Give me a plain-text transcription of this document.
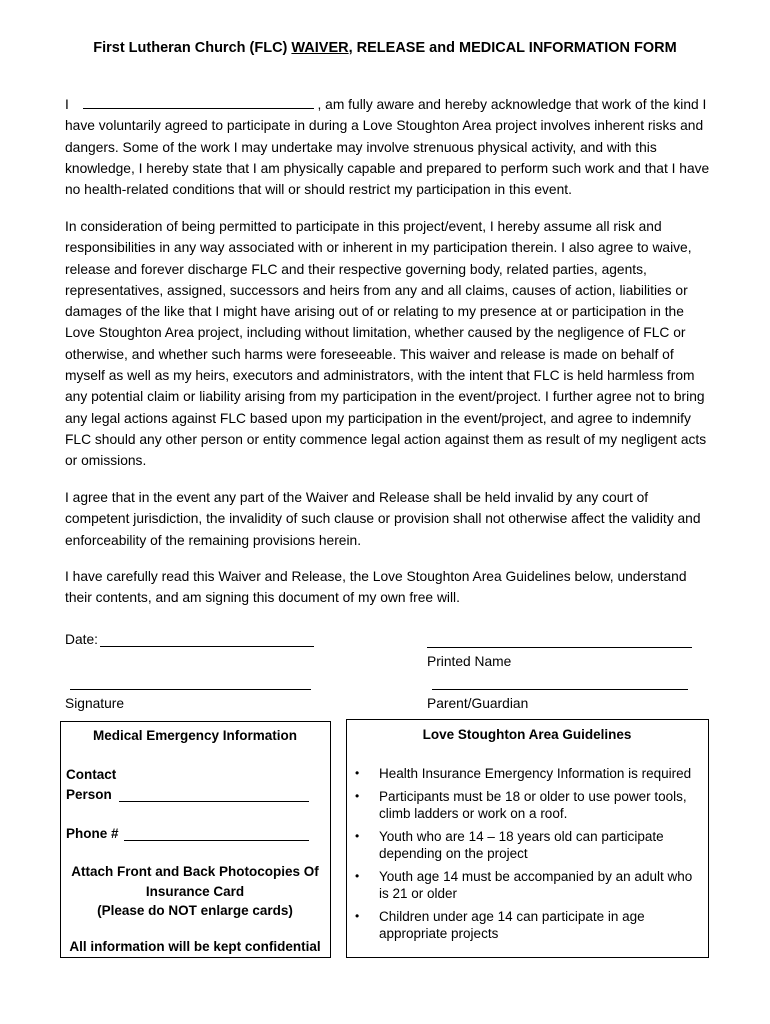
First Lutheran Church (FLC) WAIVER, RELEASE and MEDICAL INFORMATION FORM

I	, am fully aware and hereby acknowledge that work of the kind I have voluntarily agreed to participate in during a Love Stoughton Area project involves inherent risks and dangers. Some of the work I may undertake may involve strenuous physical activity, and with this knowledge, I hereby state that I am physically capable and prepared to perform such work and that I have no health-related conditions that will or should restrict my participation in this event.

In consideration of being permitted to participate in this project/event, I hereby assume all risk and responsibilities in any way associated with or inherent in my participation therein. I also agree to waive, release and forever discharge FLC and their respective governing body, related parties, agents, representatives, assigned, successors and heirs from any and all claims, causes of action, liabilities or damages of the like that I might have arising out of or relating to my presence at or participation in the Love Stoughton Area project, including without limitation, whether caused by the negligence of FLC or otherwise, and whether such harms were foreseeable. This waiver and release is made on behalf of myself as well as my heirs, executors and administrators, with the intent that FLC is held harmless from any potential claim or liability arising from my participation in the event/project. I further agree not to bring any legal actions against FLC based upon my participation in the event/project, and agree to indemnify FLC should any other person or entity commence legal action against them as result of my negligent acts or omissions.

I agree that in the event any part of the Waiver and Release shall be held invalid by any court of competent jurisdiction, the invalidity of such clause or provision shall not otherwise affect the validity and enforceability of the remaining provisions herein.

I have carefully read this Waiver and Release, the Love Stoughton Area Guidelines below, understand their contents, and am signing this document of my own free will.

Date:
Printed Name
Signature	Parent/Guardian
Medical Emergency Information
Contact
Person
Phone #
Attach Front and Back Photocopies Of
Insurance Card
(Please do NOT enlarge cards)
All information will be kept confidential
Love Stoughton Area Guidelines
• Health Insurance Emergency Information is required
• Participants must be 18 or older to use power tools, climb ladders or work on a roof.
• Youth who are 14 – 18 years old can participate depending on the project
• Youth age 14 must be accompanied by an adult who is 21 or older
• Children under age 14 can participate in age appropriate projects
